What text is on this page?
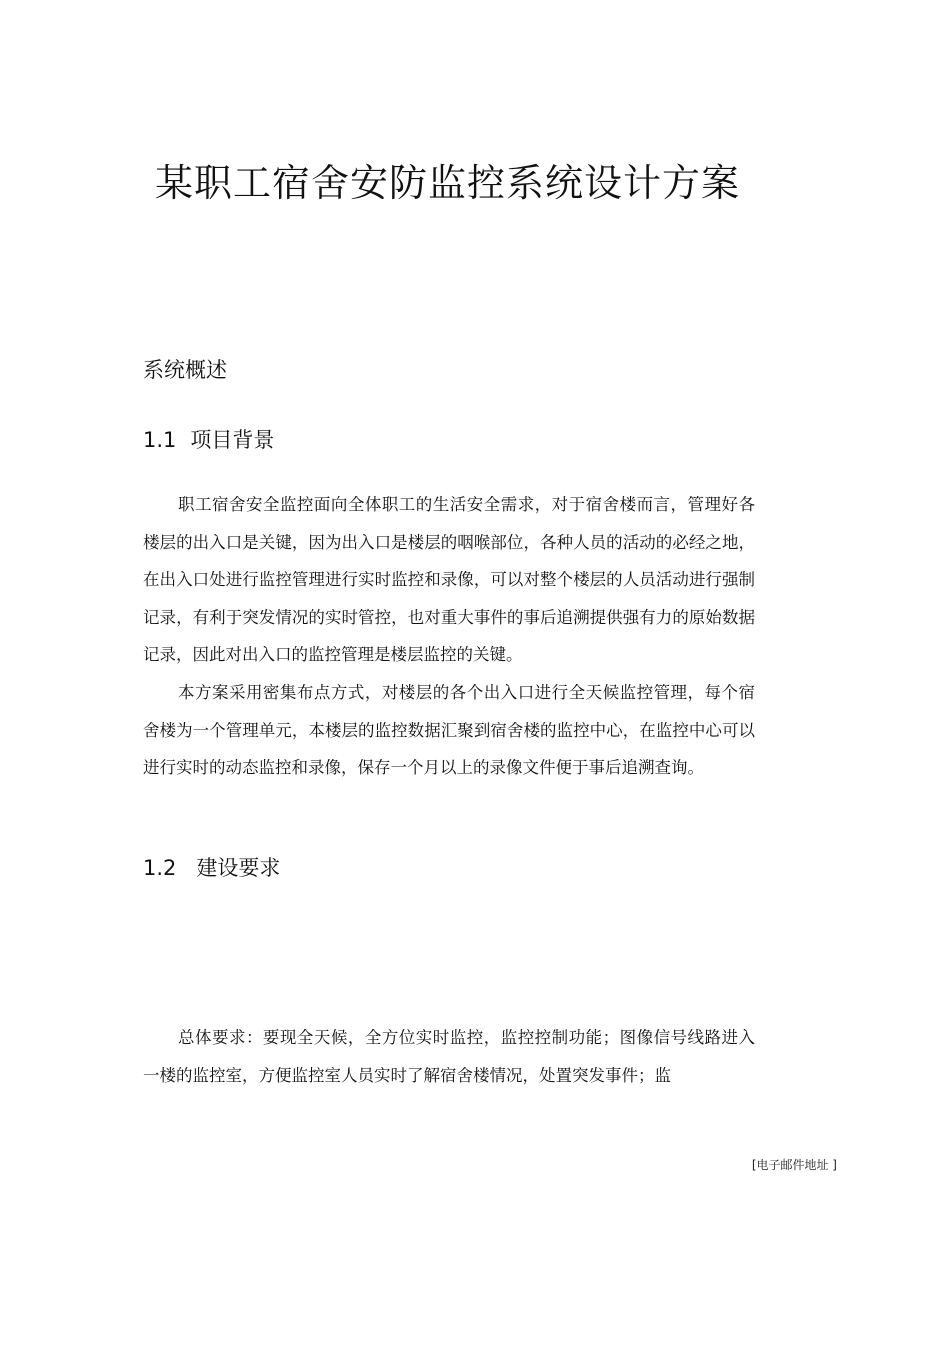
某职工宿舍安防监控系统设计方案
系统概述
1.1 项目背景

职工宿舍安全监控面向全体职工的生活安全需求，对于宿舍楼而言，管理好各楼层的出入口是关键，因为出入口是楼层的咽喉部位，各种人员的活动的必经之地，在出入口处进行监控管理进行实时监控和录像，可以对整个楼层的人员活动进行强制记录，有利于突发情况的实时管控，也对重大事件的事后追溯提供强有力的原始数据记录，因此对出入口的监控管理是楼层监控的关键。

本方案采用密集布点方式，对楼层的各个出入口进行全天候监控管理，每个宿舍楼为一个管理单元，本楼层的监控数据汇聚到宿舍楼的监控中心，在监控中心可以进行实时的动态监控和录像，保存一个月以上的录像文件便于事后追溯查询。

1.2 建设要求

总体要求：要现全天候，全方位实时监控，监控控制功能；图像信号线路进入一楼的监控室，方便监控室人员实时了解宿舍楼情况，处置突发事件；监

[电子邮件地址 ]
